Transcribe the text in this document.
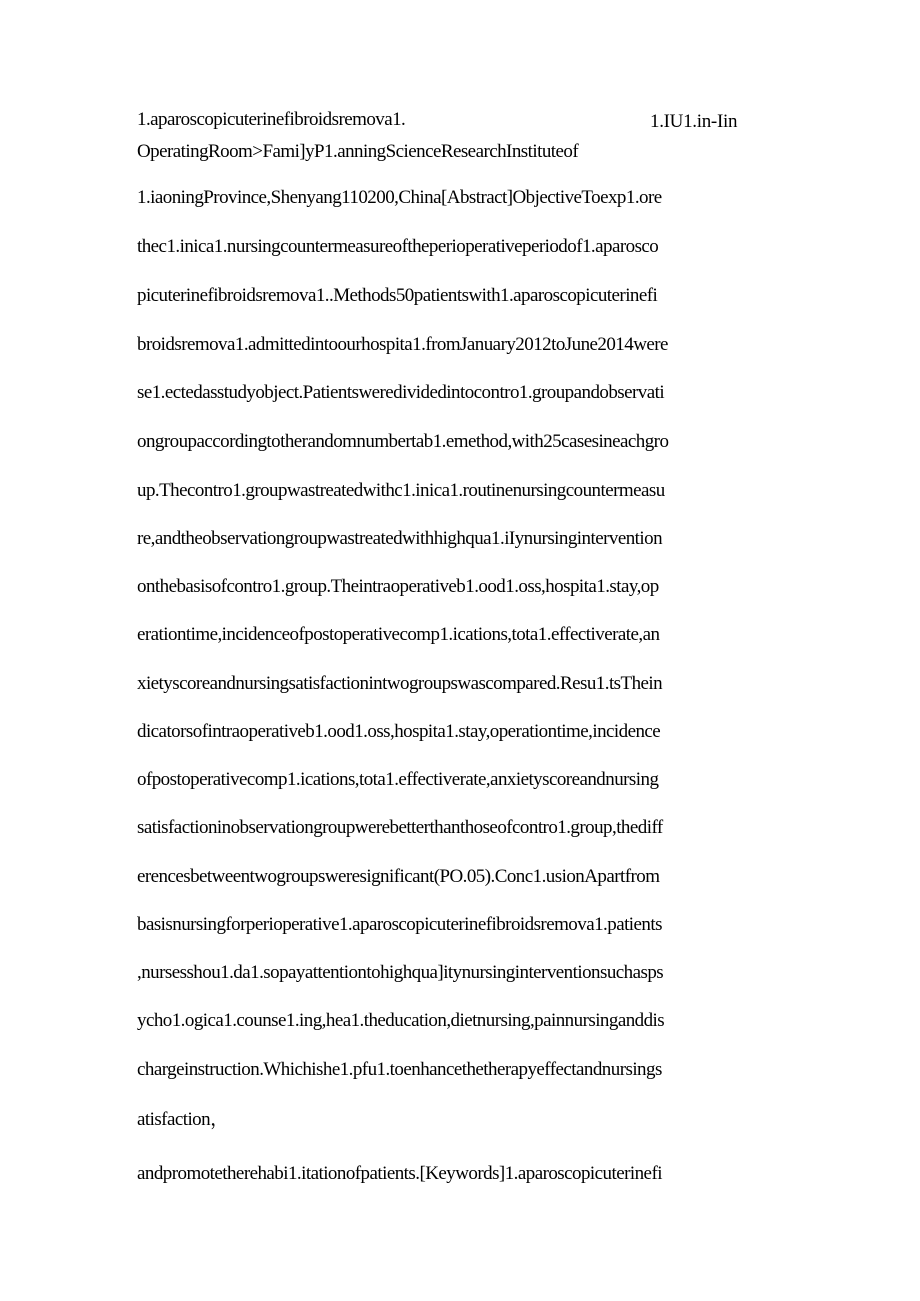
1.aparoscopicuterinefibroidsremova1.	1.IU1.in-Iin
OperatingRoom>Fami]yP1.anningScienceResearchInstituteof
1.iaoningProvince,Shenyang110200,China[Abstract]ObjectiveToexp1.ore
thec1.inica1.nursingcountermeasureoftheperioperativeperiodof1.aparosco
picuterinefibroidsremova1..Methods50patientswith1.aparoscopicuterinefi
broidsremova1.admittedintoourhospita1.fromJanuary2012toJune2014were
se1.ectedasstudyobject.Patientsweredividedintocontro1.groupandobservati
ongroupaccordingtotherandomnumbertab1.emethod,with25casesineachgro
up.Thecontro1.groupwastreatedwithc1.inica1.routinenursingcountermeasu
re,andtheobservationgroupwastreatedwithhighqua1.iIynursingintervention
onthebasisofcontro1.group.Theintraoperativeb1.ood1.oss,hospita1.stay,op
erationtime,incidenceofpostoperativecomp1.ications,tota1.effectiverate,an
xietyscoreandnursingsatisfactionintwogroupswascompared.Resu1.tsThein
dicatorsofintraoperativeb1.ood1.oss,hospita1.stay,operationtime,incidence
ofpostoperativecomp1.ications,tota1.effectiverate,anxietyscoreandnursing
satisfactioninobservationgroupwerebetterthanthoseofcontro1.group,thediff
erencesbetweentwogroupsweresignificant(PO.05).Conc1.usionApartfrom
basisnursingforperioperative1.aparoscopicuterinefibroidsremova1.patients
,nursesshou1.da1.sopayattentiontohighqua]itynursinginterventionsuchasps
ycho1.ogica1.counse1.ing,hea1.theducation,dietnursing,painnursinganddis
chargeinstruction.Whichishe1.pfu1.toenhancethetherapyeffectandnursings
atisfaction，
andpromotetherehabi1.itationofpatients.[Keywords]1.aparoscopicuterinefi
